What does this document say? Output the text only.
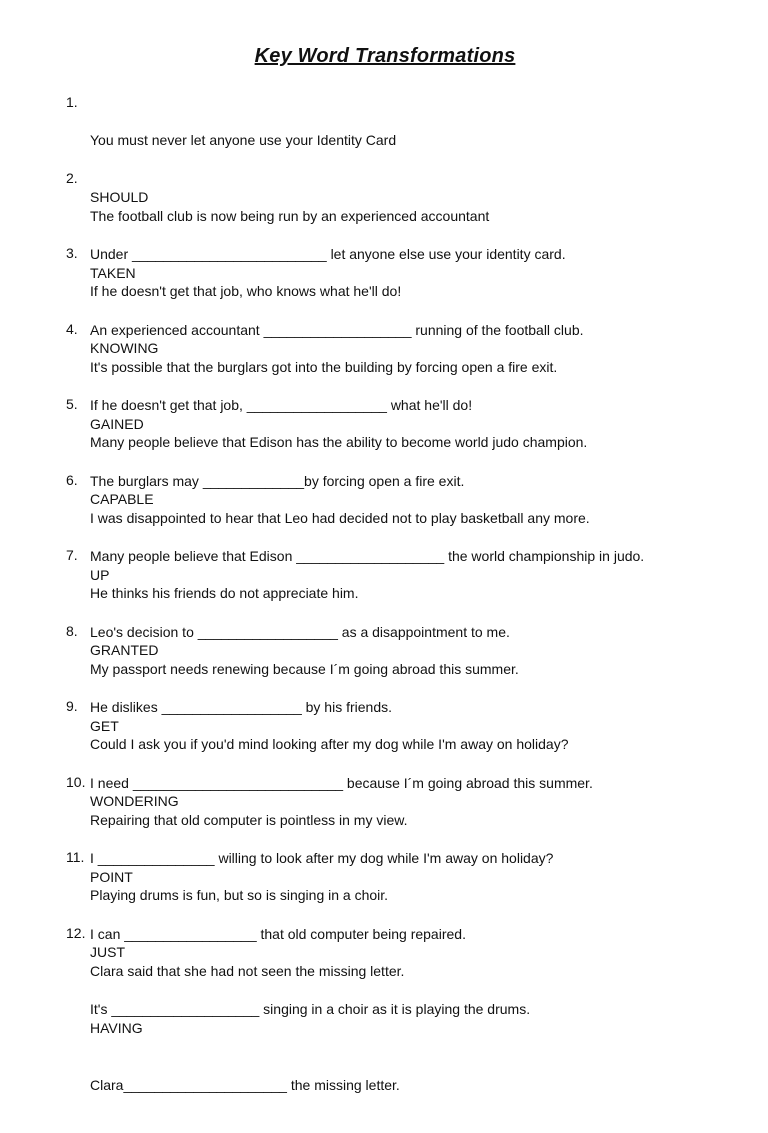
Key Word Transformations
1.

You must never let anyone use your Identity Card

SHOULD

Under _________________________ let anyone else use your identity card.

2.

The football club is now being run by an experienced accountant

TAKEN

An experienced accountant ___________________ running of the football club.

3.

If he doesn't get that job, who knows what he'll do!

KNOWING

If he doesn't get that job, __________________ what he'll do!

4.

It's possible that the burglars got into the building by forcing open a fire exit.

GAINED

The burglars may _____________by forcing open a fire exit.

5.

Many people believe that Edison has the ability to become world judo champion.

CAPABLE

Many people believe that Edison ___________________ the world championship in judo.

6.

I was disappointed to hear that Leo had decided not to play basketball any more.

UP

Leo's decision to __________________ as a disappointment to me.

7.

He thinks his friends do not appreciate him.

GRANTED

He dislikes __________________ by his friends.

8.

My passport needs renewing because I´m going abroad this summer.

GET

I need ___________________________ because I´m going abroad this summer.

9.

Could I ask you if you'd mind looking after my dog while I'm away on holiday?

WONDERING

I _______________ willing to look after my dog while I'm away on holiday?

10.

Repairing that old computer is pointless in my view.

POINT

I can _________________ that old computer being repaired.

11.

Playing drums is fun, but so is singing in a choir.

JUST

It's ___________________ singing in a choir as it is playing the drums.

12.

Clara said that she had not seen the missing letter.

HAVING

Clara_____________________ the missing letter.
